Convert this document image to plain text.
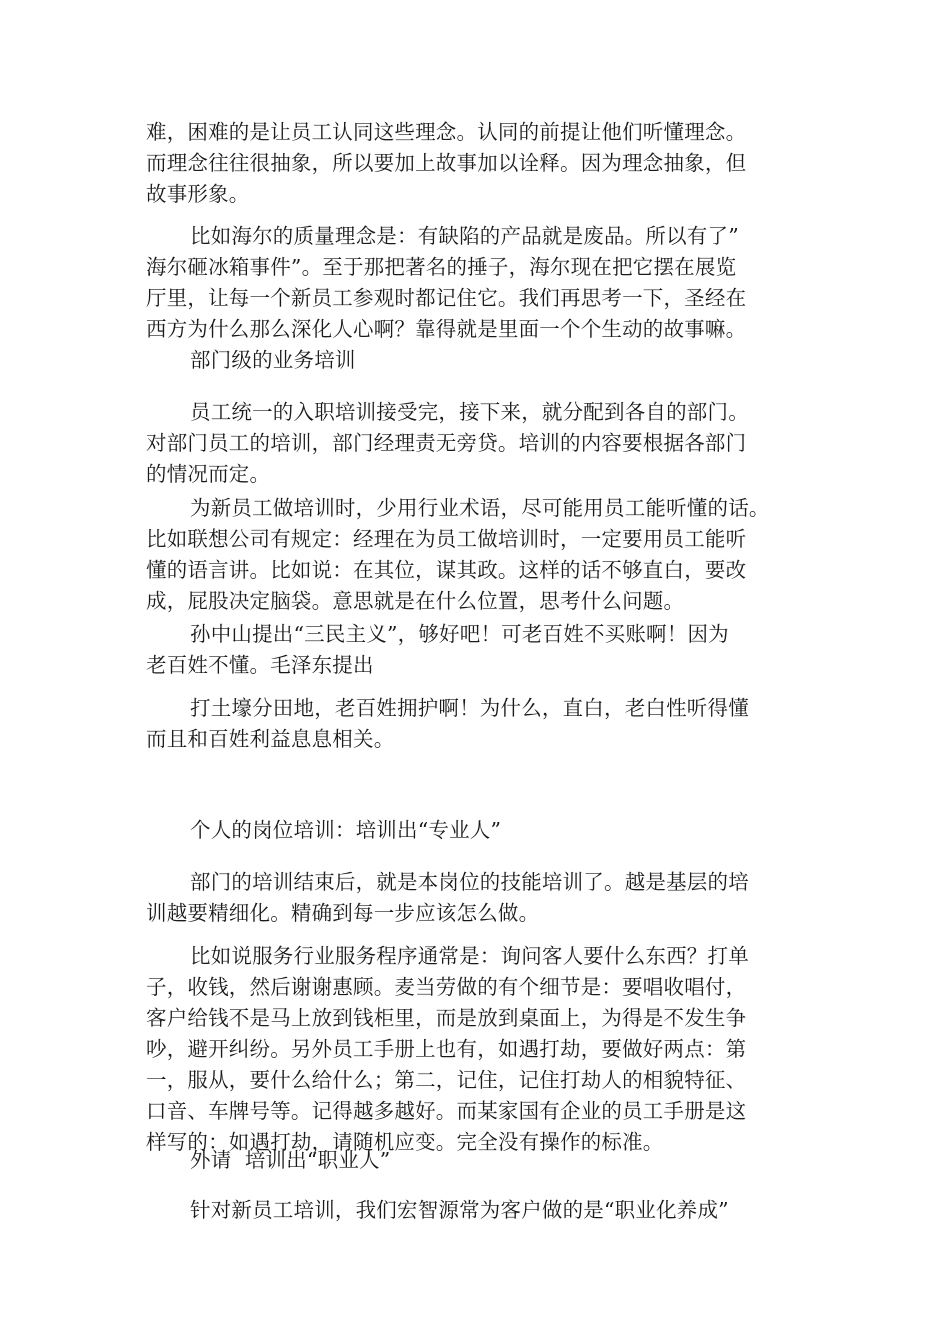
难，困难的是让员工认同这些理念。认同的前提让他们听懂理念。
而理念往往很抽象，所以要加上故事加以诠释。因为理念抽象，但
故事形象。

比如海尔的质量理念是：有缺陷的产品就是废品。所以有了”
海尔砸冰箱事件”。至于那把著名的捶子，海尔现在把它摆在展览
厅里，让每一个新员工参观时都记住它。我们再思考一下，圣经在
西方为什么那么深化人心啊？靠得就是里面一个个生动的故事嘛。

部门级的业务培训

员工统一的入职培训接受完，接下来，就分配到各自的部门。
对部门员工的培训，部门经理责无旁贷。培训的内容要根据各部门
的情况而定。

为新员工做培训时，少用行业术语，尽可能用员工能听懂的话。
比如联想公司有规定：经理在为员工做培训时，一定要用员工能听
懂的语言讲。比如说：在其位，谋其政。这样的话不够直白，要改
成，屁股决定脑袋。意思就是在什么位置，思考什么问题。

孙中山提出“三民主义”，够好吧！可老百姓不买账啊！因为
老百姓不懂。毛泽东提出

打土壕分田地，老百姓拥护啊！为什么，直白，老白性听得懂
而且和百姓利益息息相关。

个人的岗位培训：培训出“专业人”

部门的培训结束后，就是本岗位的技能培训了。越是基层的培
训越要精细化。精确到每一步应该怎么做。

比如说服务行业服务程序通常是：询问客人要什么东西？打单
子，收钱，然后谢谢惠顾。麦当劳做的有个细节是：要唱收唱付，
客户给钱不是马上放到钱柜里，而是放到桌面上，为得是不发生争
吵，避开纠纷。另外员工手册上也有，如遇打劫，要做好两点：第
一，服从，要什么给什么；第二，记住，记住打劫人的相貌特征、
口音、车牌号等。记得越多越好。而某家国有企业的员工手册是这
样写的：如遇打劫，请随机应变。完全没有操作的标准。

外请  培训出“职业人”

针对新员工培训，我们宏智源常为客户做的是“职业化养成”
